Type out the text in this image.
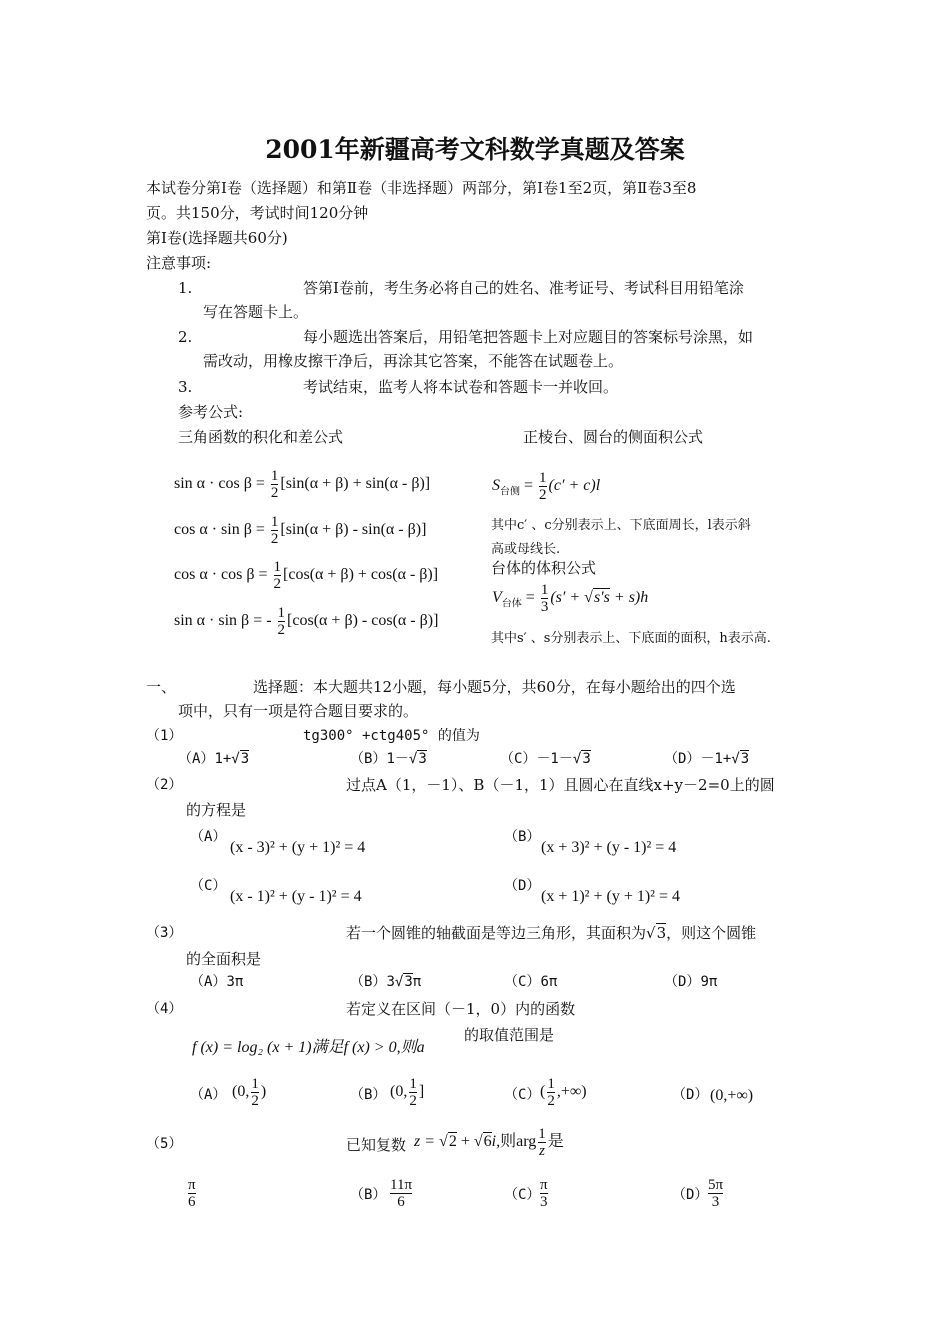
2001年新疆高考文科数学真题及答案
本试卷分第Ⅰ卷（选择题）和第Ⅱ卷（非选择题）两部分，第Ⅰ卷1至2页，第Ⅱ卷3至8
页。共150分，考试时间120分钟
第Ⅰ卷(选择题共60分)
注意事项:
1.	答第Ⅰ卷前，考生务必将自己的姓名、准考证号、考试科目用铅笔涂
写在答题卡上。
2.	每小题选出答案后，用铅笔把答题卡上对应题目的答案标号涂黑，如
需改动，用橡皮擦干净后，再涂其它答案，不能答在试题卷上。
3.	考试结束，监考人将本试卷和答题卡一并收回。
参考公式:
三角函数的积化和差公式	正棱台、圆台的侧面积公式
$\sin \alpha \cdot \cos \beta = \frac{1}{2} [\sin(\alpha + \beta) + \sin(\alpha - \beta)]$
$\cos \alpha \cdot \sin \beta = \frac{1}{2} [\sin(\alpha + \beta) - \sin(\alpha - \beta)]$
$\cos \alpha \cdot \cos \beta = \frac{1}{2} [\cos(\alpha + \beta) + \cos(\alpha - \beta)]$
sin α · sin β = - $\frac{1}{2} [\cos(\alpha + \beta) - \cos(\alpha - \beta)]$
$S_{台侧} = \frac{1}{2} (c' + c)l$
其中c′ 、c分别表示上、下底面周长，l表示斜
高或母线长.
台体的体积公式
$V_{台体} = \frac{1}{3} (s' + √s's + s)h$
其中s′ 、s分别表示上、下底面的面积，h表示高.
一、	选择题：本大题共12小题，每小题5分，共60分，在每小题给出的四个选
项中，只有一项是符合题目要求的。
（1）	tg300° +ctg405° 的值为
（A）1+√3	（B）1－√3	（C）－1－√3	（D）－1+√3
（2）	过点A（1，－1）、B（－1，1）且圆心在直线x+y－2=0上的圆
的方程是
（A）
(x - 3)² + (y + 1)² = 4
（B）
(x + 3)² + (y - 1)² = 4
（C）
(x - 1)² + (y - 1)² = 4
（D）
(x + 1)² + (y + 1)² = 4
（3）	若一个圆锥的轴截面是等边三角形，其面积为√3，则这个圆锥
的全面积是
（A）3π	（B）3√3π	（C）6π	（D）9π
（4）	若定义在区间（－1，0）内的函数
f (x) = log₂ (x + 1)满足f (x) > 0,则a
的取值范围是
（A） (0, $\frac{1}{2}$ )	（B） (0, $\frac{1}{2}$ ]	（C） ( $\frac{1}{2}$ ,+∞)	（D） (0,+∞)
（5）	已知复数 z = √2 + √6i,则arg $\frac{1}{z}$ 是
$\frac{\pi}{6}$	$(B) \frac{11\pi}{6}$	$(C) \frac{\pi}{3}$	$(D) \frac{5\pi}{3}$
